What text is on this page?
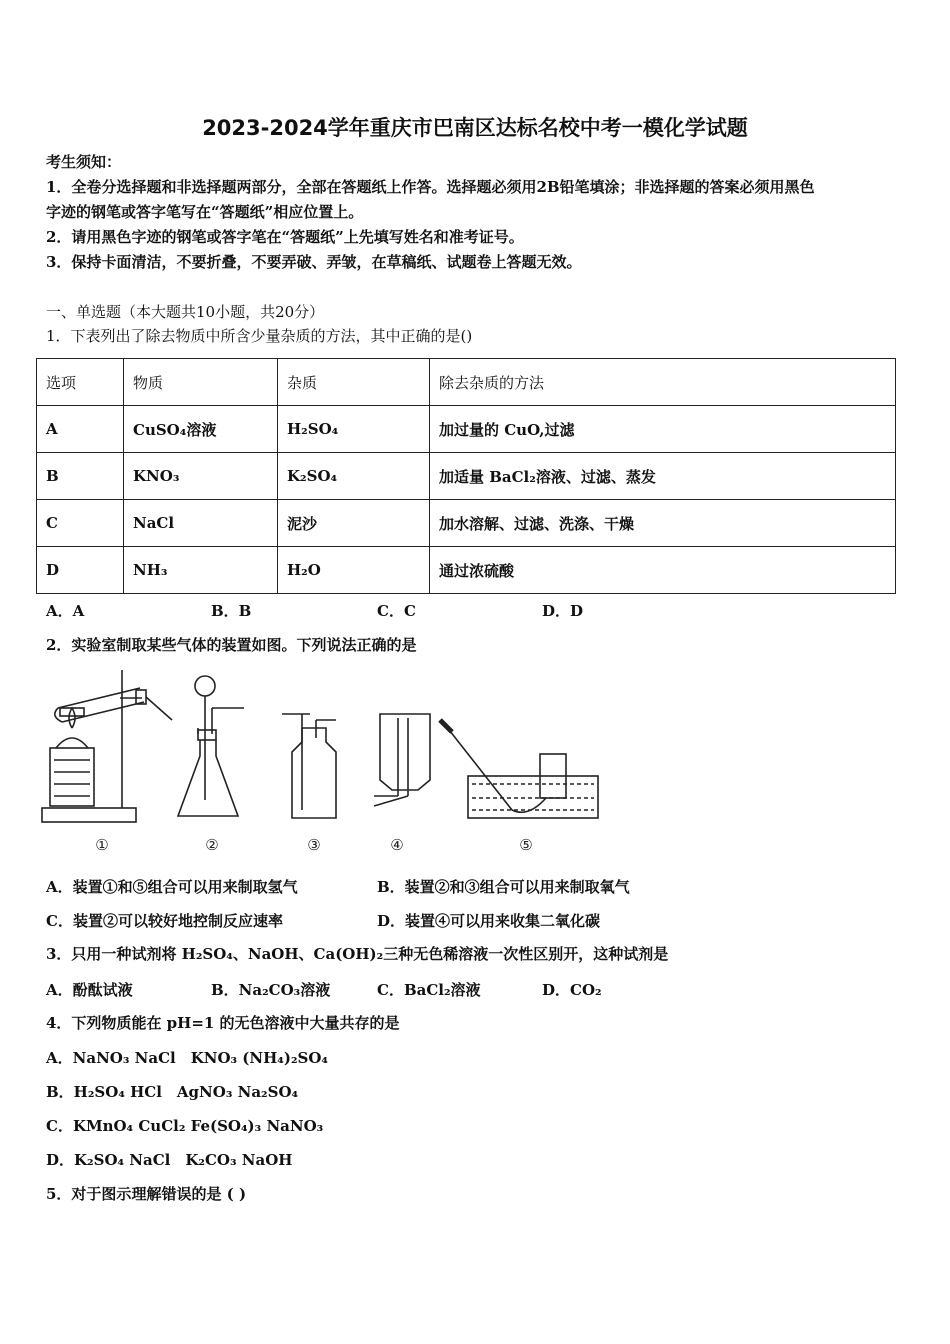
2023-2024学年重庆市巴南区达标名校中考一模化学试题
考生须知：
1．全卷分选择题和非选择题两部分，全部在答题纸上作答。选择题必须用2B铅笔填涂；非选择题的答案必须用黑色
字迹的钢笔或答字笔写在“答题纸”相应位置上。
2．请用黑色字迹的钢笔或答字笔在“答题纸”上先填写姓名和准考证号。
3．保持卡面清洁，不要折叠，不要弄破、弄皱，在草稿纸、试题卷上答题无效。
一、单选题（本大题共10小题，共20分）
1．下表列出了除去物质中所含少量杂质的方法，其中正确的是()
选项	物质	杂质	除去杂质的方法
A	CuSO₄溶液	H₂SO₄	加过量的 CuO,过滤
B	KNO₃	K₂SO₄	加适量 BaCl₂溶液、过滤、蒸发
C	NaCl	泥沙	加水溶解、过滤、洗涤、干燥
D	NH₃	H₂O	通过浓硫酸
A．A	B．B	C．C	D．D
2．实验室制取某些气体的装置如图。下列说法正确的是
①	②	③	④	⑤
A．装置①和⑤组合可以用来制取氢气	B．装置②和③组合可以用来制取氧气
C．装置②可以较好地控制反应速率	D．装置④可以用来收集二氧化碳
3．只用一种试剂将 H₂SO₄、NaOH、Ca(OH)₂三种无色稀溶液一次性区别开，这种试剂是
A．酚酞试液	B．Na₂CO₃溶液	C．BaCl₂溶液	D．CO₂
4．下列物质能在 pH=1 的无色溶液中大量共存的是
A．NaNO₃ NaCl　KNO₃ (NH₄)₂SO₄
B．H₂SO₄ HCl　AgNO₃ Na₂SO₄
C．KMnO₄ CuCl₂ Fe(SO₄)₃ NaNO₃
D．K₂SO₄ NaCl　K₂CO₃ NaOH
5．对于图示理解错误的是 ( )
